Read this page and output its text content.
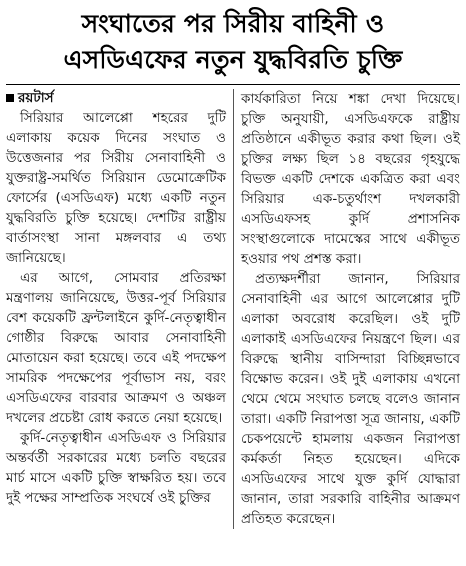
সংঘাতের পর সিরীয় বাহিনী ও
এসডিএফের নতুন যুদ্ধবিরতি চুক্তি
রয়টার্স

সিরিয়ার আলেপ্পো শহরের দুটি এলাকায় কয়েক দিনের সংঘাত ও উত্তেজনার পর সিরীয় সেনাবাহিনী ও যুক্তরাষ্ট্র-সমর্থিত সিরিয়ান ডেমোক্রেটিক ফোর্সের (এসডিএফ) মধ্যে একটি নতুন যুদ্ধবিরতি চুক্তি হয়েছে। দেশটির রাষ্ট্রীয় বার্তাসংস্থা সানা মঙ্গলবার এ তথ্য জানিয়েছে।

এর আগে, সোমবার প্রতিরক্ষা মন্ত্রণালয় জানিয়েছে, উত্তর-পূর্ব সিরিয়ার বেশ কয়েকটি ফ্রন্টলাইনে কুর্দি-নেতৃত্বাধীন গোষ্ঠীর বিরুদ্ধে আবার সেনাবাহিনী মোতায়েন করা হয়েছে। তবে এই পদক্ষেপ সামরিক পদক্ষেপের পূর্বাভাস নয়, বরং এসডিএফের বারবার আক্রমণ ও অঞ্চল দখলের প্রচেষ্টা রোধ করতে নেয়া হয়েছে।

কুর্দি-নেতৃত্বাধীন এসডিএফ ও সিরিয়ার অন্তর্বর্তী সরকারের মধ্যে চলতি বছরের মার্চ মাসে একটি চুক্তি স্বাক্ষরিত হয়। তবে দুই পক্ষের সাম্প্রতিক সংঘর্ষে ওই চুক্তির

কার্যকারিতা নিয়ে শঙ্কা দেখা দিয়েছে। চুক্তি অনুযায়ী, এসডিএফকে রাষ্ট্রীয় প্রতিষ্ঠানে একীভূত করার কথা ছিল। ওই চুক্তির লক্ষ্য ছিল ১৪ বছরের গৃহযুদ্ধে বিভক্ত একটি দেশকে একত্রিত করা এবং সিরিয়ার এক-চতুর্থাংশ দখলকারী এসডিএফসহ কুর্দি প্রশাসনিক সংস্থাগুলোকে দামেস্কের সাথে একীভূত হওয়ার পথ প্রশস্ত করা।

প্রত্যক্ষদর্শীরা জানান, সিরিয়ার সেনাবাহিনী এর আগে আলেপ্পোর দুটি এলাকা অবরোধ করেছিল। ওই দুটি এলাকাই এসডিএফের নিয়ন্ত্রণে ছিল। এর বিরুদ্ধে স্থানীয় বাসিন্দারা বিচ্ছিন্নভাবে বিক্ষোভ করেন। ওই দুই এলাকায় এখনো থেমে থেমে সংঘাত চলছে বলেও জানান তারা। একটি নিরাপত্তা সূত্র জানায়, একটি চেকপয়েন্টে হামলায় একজন নিরাপত্তা কর্মকর্তা নিহত হয়েছেন। এদিকে এসডিএফের সাথে যুক্ত কুর্দি যোদ্ধারা জানান, তারা সরকারি বাহিনীর আক্রমণ প্রতিহত করেছেন।
